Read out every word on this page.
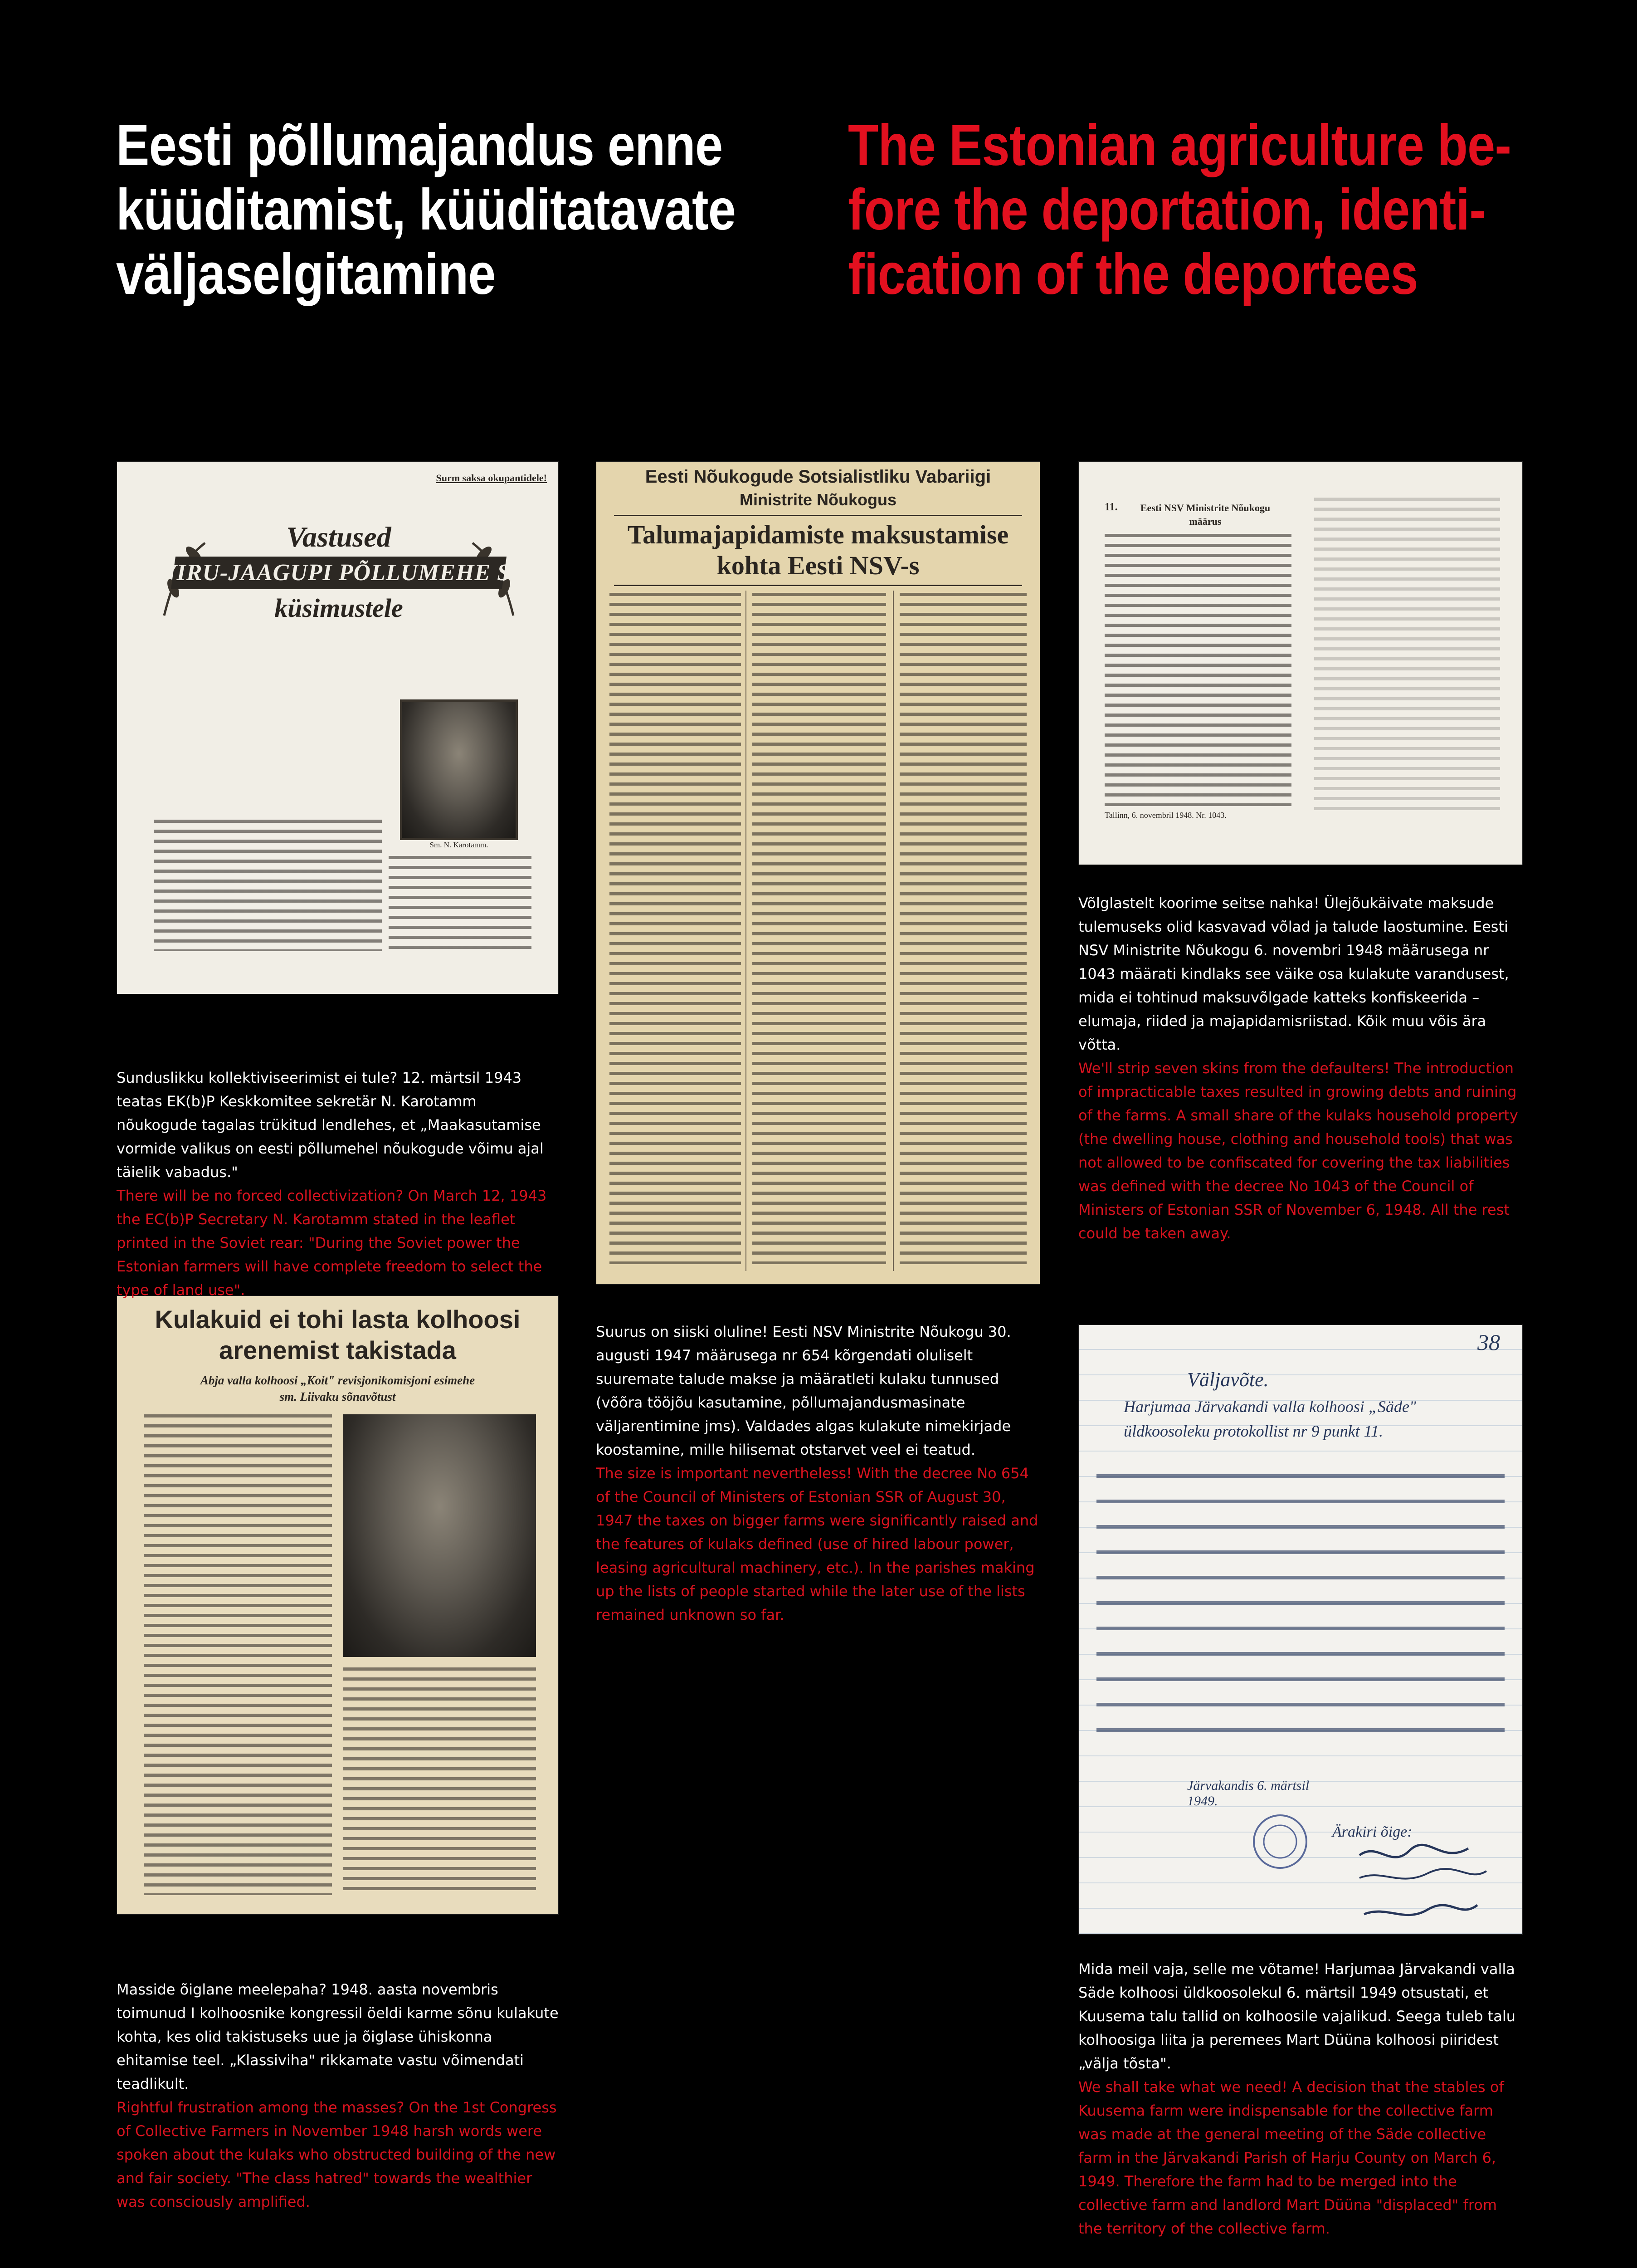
Eesti põllumajandus enne
küüditamist, küüditatavate
väljaselgitamine
The Estonian agriculture be-
fore the deportation, identi-
fication of the deportees
Surm saksa okupantidele!
Vastused
VIRU-JAAGUPI PÕLLUMEHE S.
küsimustele
Sm. N. Karotamm.
Eesti Nõukogude Sotsialistliku Vabariigi
Ministrite Nõukogus
Talumajapidamiste maksustamise
kohta Eesti NSV-s
11.	Eesti NSV Ministrite Nõukogu määrus
Tallinn, 6. novembril 1948. Nr. 1043.
Kulakuid ei tohi lasta kolhoosi
arenemist takistada
Abja valla kolhoosi „Koit" revisjonikomisjoni esimehe
sm. Liivaku sõnavõtust
38
Väljavõte.
Harjumaa Järvakandi valla kolhoosi „Säde"
üldkoosoleku protokollist nr 9 punkt 11.
Järvakandis 6. märtsil 1949.
Ärakiri õige:

Sunduslikku kollektiviseerimist ei tule? 12. märtsil 1943 teatas EK(b)P Keskkomitee sekretär N. Karotamm nõukogude tagalas trükitud lendlehes, et „Maakasutamise vormide valikus on eesti põllumehel nõukogude võimu ajal täielik vabadus."

There will be no forced collectivization? On March 12, 1943 the EC(b)P Secretary N. Karotamm stated in the leaflet printed in the Soviet rear: "During the Soviet power the Estonian farmers will have complete freedom to select the type of land use".

Suurus on siiski oluline! Eesti NSV Ministrite Nõukogu 30. augusti 1947 määrusega nr 654 kõrgendati oluliselt suuremate talude makse ja määratleti kulaku tunnused (võõra tööjõu kasutamine, põllumajandusmasinate väljarentimine jms). Valdades algas kulakute nimekirjade koostamine, mille hilisemat otstarvet veel ei teatud.

The size is important nevertheless! With the decree No 654 of the Council of Ministers of Estonian SSR of August 30, 1947 the taxes on bigger farms were significantly raised and the features of kulaks defined (use of hired labour power, leasing agricultural machinery, etc.). In the parishes making up the lists of people started while the later use of the lists remained unknown so far.

Võlglastelt koorime seitse nahka! Ülejõukäivate maksude tulemuseks olid kasvavad võlad ja talude laostumine. Eesti NSV Ministrite Nõukogu 6. novembri 1948 määrusega nr 1043 määrati kindlaks see väike osa kulakute varandusest, mida ei tohtinud maksuvõlgade katteks konfiskeerida – elumaja, riided ja majapidamisriistad. Kõik muu võis ära võtta.

We'll strip seven skins from the defaulters! The introduction of impracticable taxes resulted in growing debts and ruining of the farms. A small share of the kulaks household property (the dwelling house, clothing and household tools) that was not allowed to be confiscated for covering the tax liabilities was defined with the decree No 1043 of the Council of Ministers of Estonian SSR of November 6, 1948. All the rest could be taken away.

Masside õiglane meelepaha? 1948. aasta novembris toimunud I kolhoosnike kongressil öeldi karme sõnu kulakute kohta, kes olid takistuseks uue ja õiglase ühiskonna ehitamise teel. „Klassiviha" rikkamate vastu võimendati teadlikult.

Rightful frustration among the masses? On the 1st Congress of Collective Farmers in November 1948 harsh words were spoken about the kulaks who obstructed building of the new and fair society. "The class hatred" towards the wealthier was consciously amplified.

Mida meil vaja, selle me võtame! Harjumaa Järvakandi valla Säde kolhoosi üldkoosolekul 6. märtsil 1949 otsustati, et Kuusema talu tallid on kolhoosile vajalikud. Seega tuleb talu kolhoosiga liita ja peremees Mart Düüna kolhoosi piiridest „välja tõsta".

We shall take what we need! A decision that the stables of Kuusema farm were indispensable for the collective farm was made at the general meeting of the Säde collective farm in the Järvakandi Parish of Harju County on March 6, 1949. Therefore the farm had to be merged into the collective farm and landlord Mart Düüna "displaced" from the territory of the collective farm.
